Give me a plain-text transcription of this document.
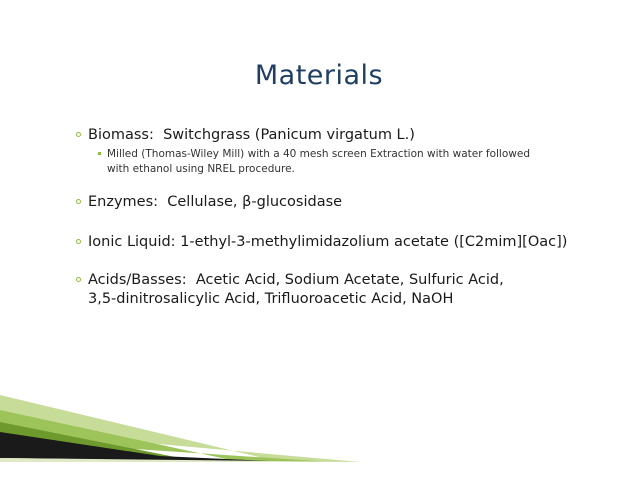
Materials
Biomass: Switchgrass (Panicum virgatum L.)
Milled (Thomas-Wiley Mill) with a 40 mesh screen Extraction with water followed
with ethanol using NREL procedure.
Enzymes: Cellulase, β-glucosidase
Ionic Liquid: 1-ethyl-3-methylimidazolium acetate ([C2mim][Oac])
Acids/Basses: Acetic Acid, Sodium Acetate, Sulfuric Acid,
3,5-dinitrosalicylic Acid, Trifluoroacetic Acid, NaOH
